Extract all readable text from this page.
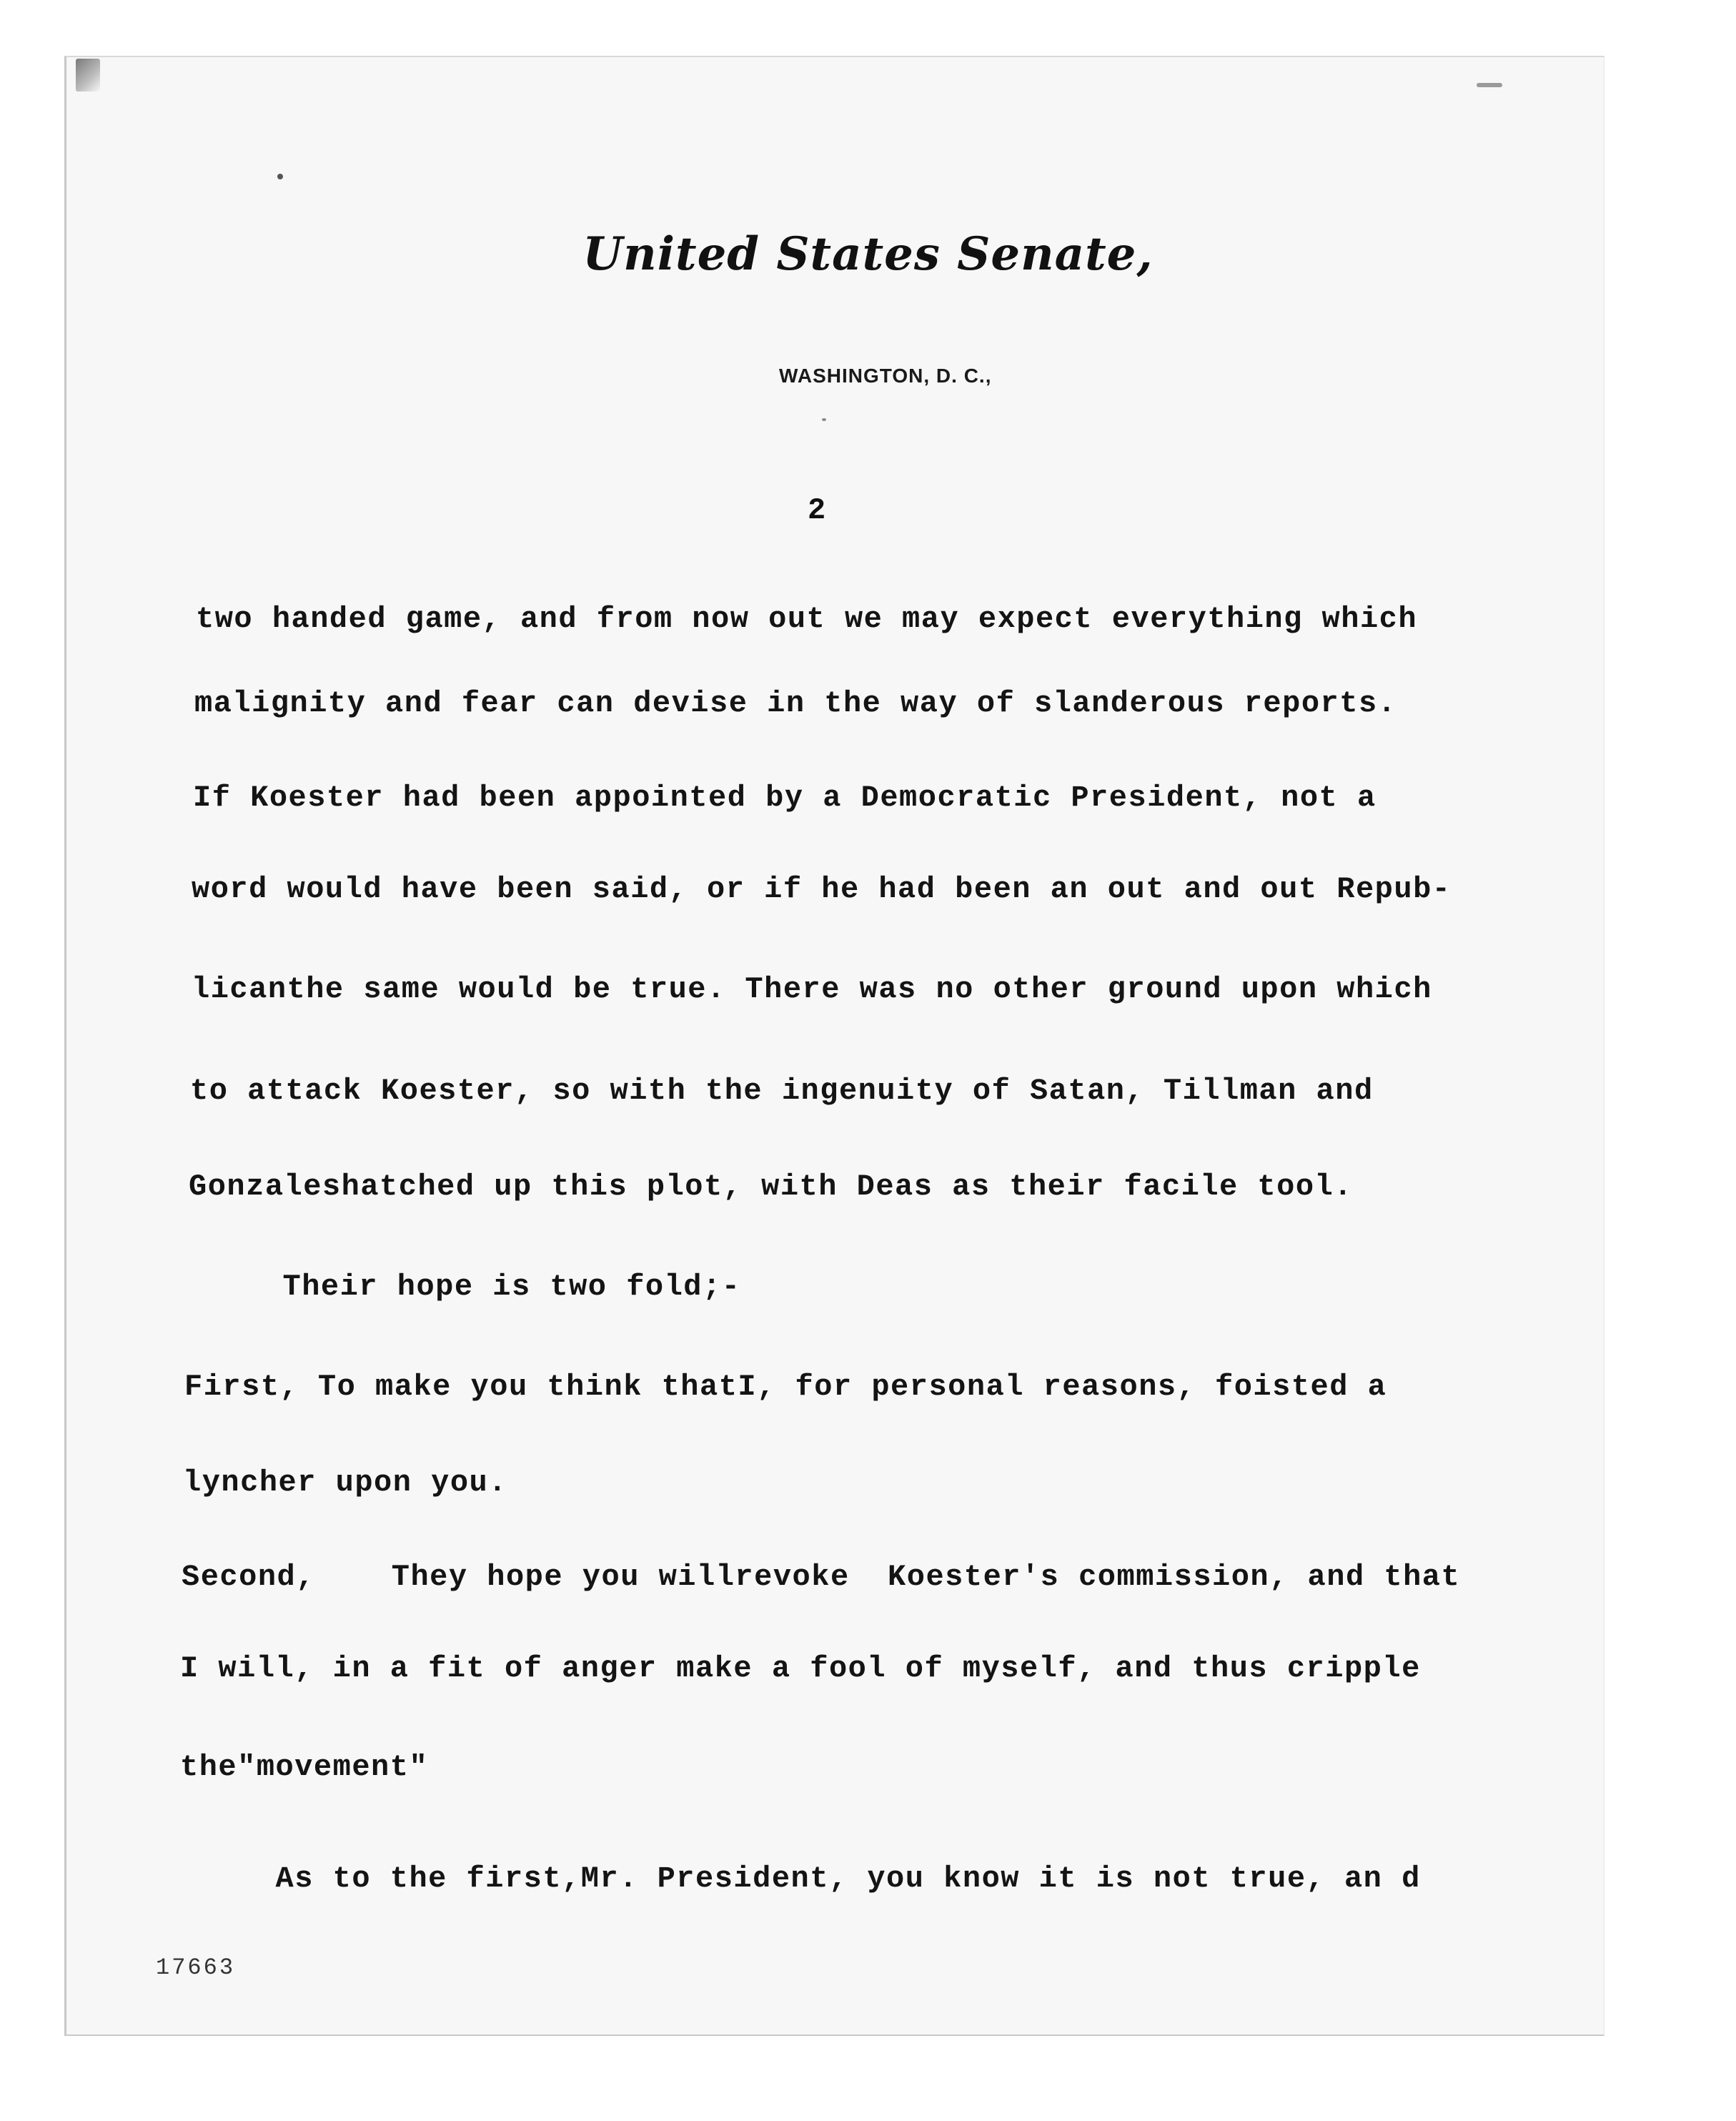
United States Senate,
WASHINGTON, D. C.,
2
two handed game, and from now out we may expect everything which
malignity and fear can devise in the way of slanderous reports.
If Koester had been appointed by a Democratic President, not a
word would have been said, or if he had been an out and out Repub-
licanthe same would be true. There was no other ground upon which
to attack Koester, so with the ingenuity of Satan, Tillman and
Gonzaleshatched up this plot, with Deas as their facile tool.
Their hope is two fold;-
First, To make you think thatI, for personal reasons, foisted a
lyncher upon you.
Second,    They hope you willrevoke  Koester's commission, and that
I will, in a fit of anger make a fool of myself, and thus cripple
the"movement"
As to the first,Mr. President, you know it is not true, an d
17663
